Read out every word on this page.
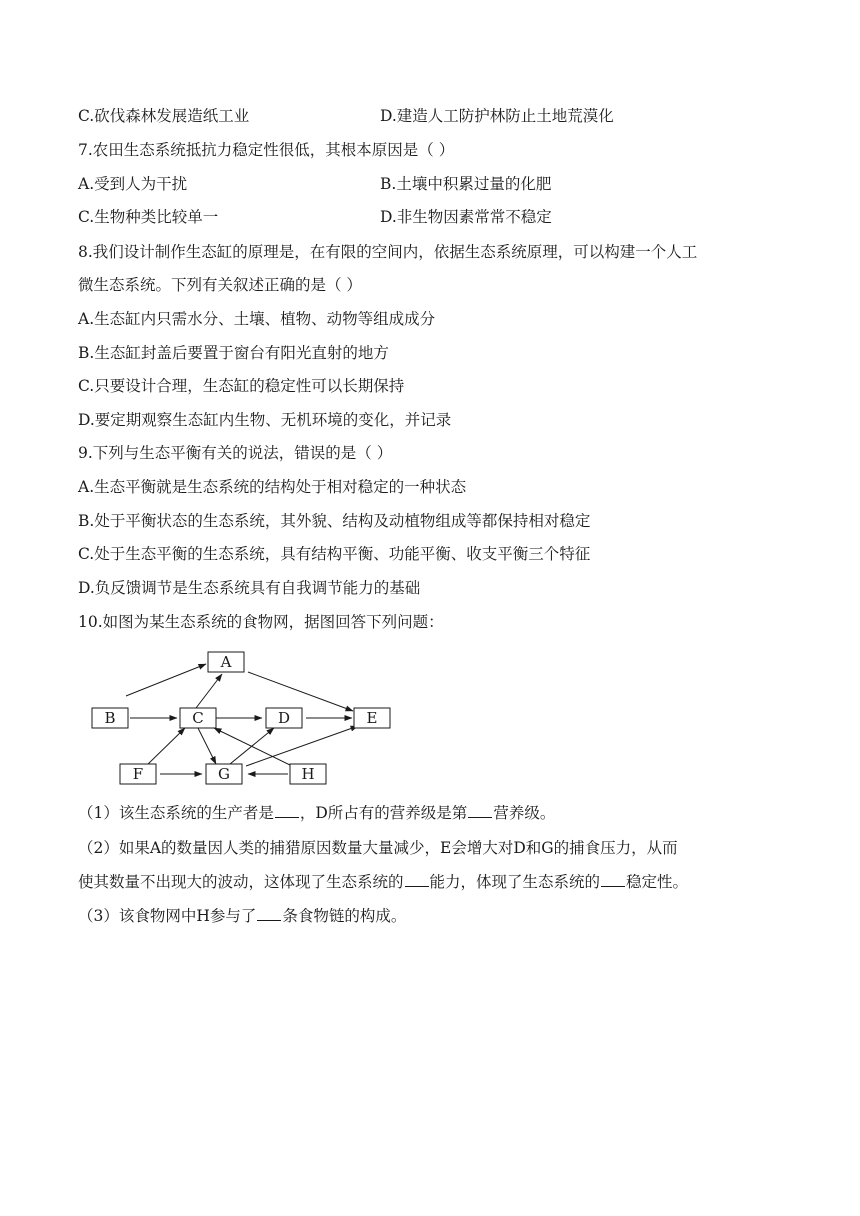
C.砍伐森林发展造纸工业	D.建造人工防护林防止土地荒漠化
7.农田生态系统抵抗力稳定性很低，其根本原因是（ ）
A.受到人为干扰	B.土壤中积累过量的化肥
C.生物种类比较单一	D.非生物因素常常不稳定
8.我们设计制作生态缸的原理是，在有限的空间内，依据生态系统原理，可以构建一个人工
微生态系统。下列有关叙述正确的是（ ）
A.生态缸内只需水分、土壤、植物、动物等组成成分
B.生态缸封盖后要置于窗台有阳光直射的地方
C.只要设计合理，生态缸的稳定性可以长期保持
D.要定期观察生态缸内生物、无机环境的变化，并记录
9.下列与生态平衡有关的说法，错误的是（ ）
A.生态平衡就是生态系统的结构处于相对稳定的一种状态
B.处于平衡状态的生态系统，其外貌、结构及动植物组成等都保持相对稳定
C.处于生态平衡的生态系统，具有结构平衡、功能平衡、收支平衡三个特征
D.负反馈调节是生态系统具有自我调节能力的基础
10.如图为某生态系统的食物网，据图回答下列问题：
A
B	C	D	E
F	G	H
（1）该生态系统的生产者是 ，D所占有的营养级是第 营养级。
（2）如果A的数量因人类的捕猎原因数量大量减少，E会增大对D和G的捕食压力，从而
使其数量不出现大的波动，这体现了生态系统的 能力，体现了生态系统的 稳定性。
（3）该食物网中H参与了 条食物链的构成。
